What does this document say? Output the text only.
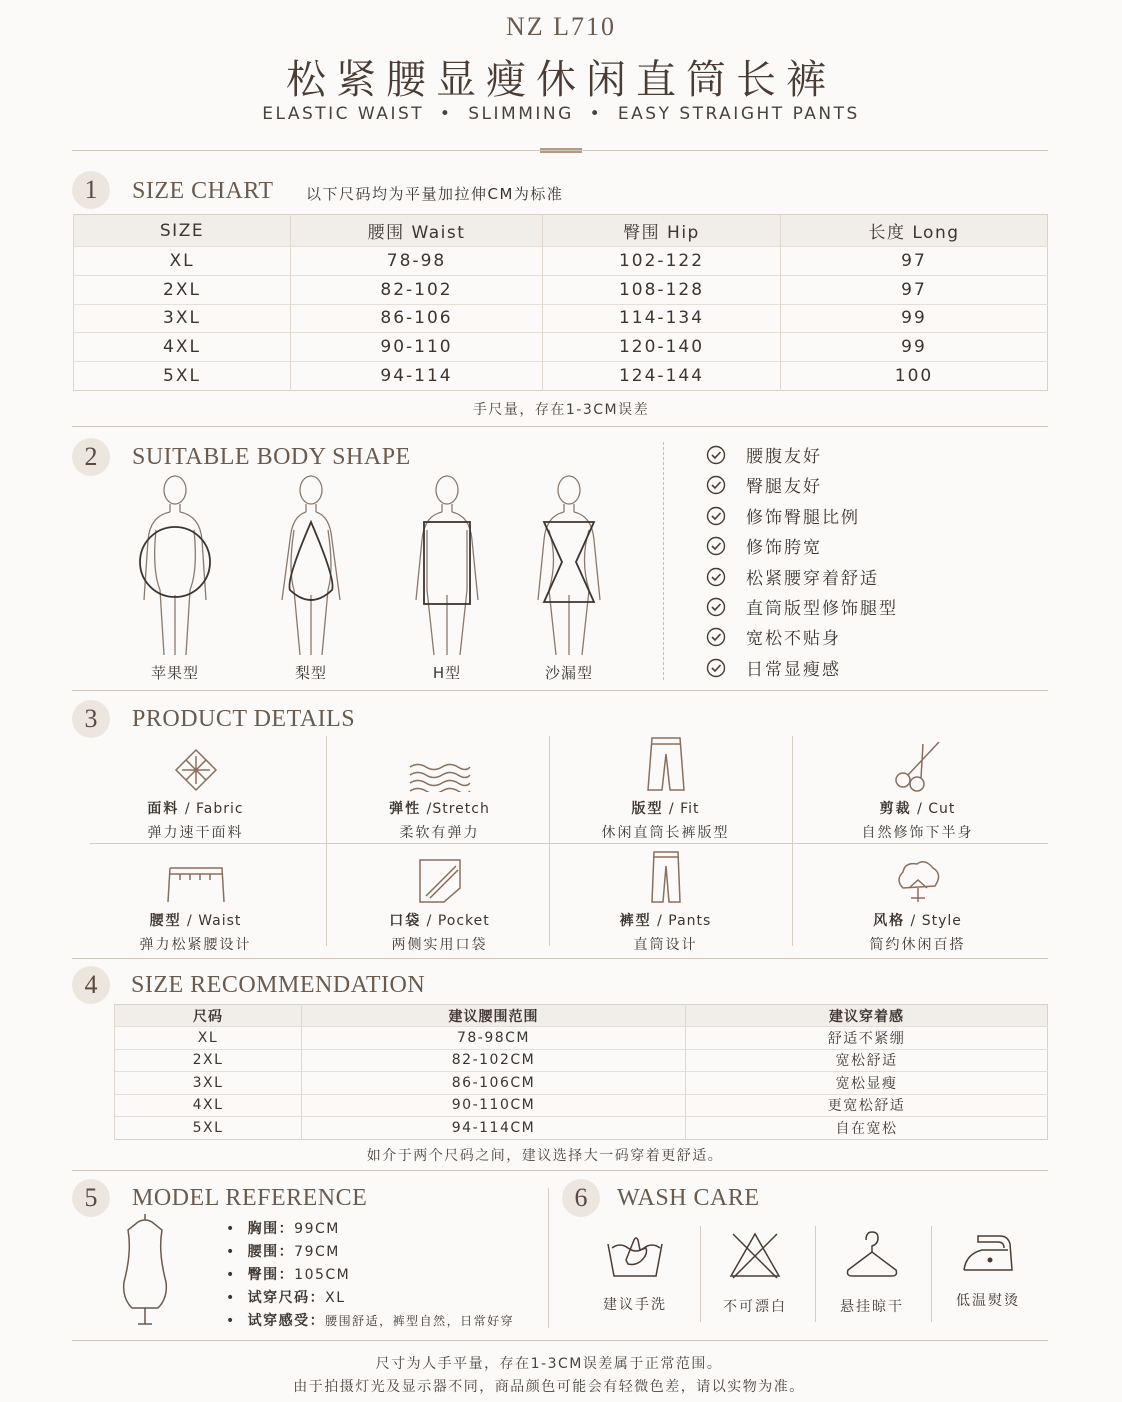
NZ L710
松紧腰显瘦休闲直筒长裤
ELASTIC WAIST  •  SLIMMING  •  EASY STRAIGHT PANTS
1	SIZE CHART 以下尺码均为平量加拉伸CM为标准
SIZE	腰围 Waist	臀围 Hip	长度 Long
XL	78-98	102-122	97
2XL	82-102	108-128	97
3XL	86-106	114-134	99
4XL	90-110	120-140	99
5XL	94-114	124-144	100
手尺量，存在1-3CM误差
2	SUITABLE BODY SHAPE
苹果型	梨型	H型	沙漏型
腰腹友好
臀腿友好
修饰臀腿比例
修饰胯宽
松紧腰穿着舒适
直筒版型修饰腿型
宽松不贴身
日常显瘦感
3	PRODUCT DETAILS
面料 / Fabric
弹力速干面料
弹性 /Stretch
柔软有弹力
版型 / Fit
休闲直筒长裤版型
剪裁 / Cut
自然修饰下半身
腰型 / Waist
弹力松紧腰设计
口袋 / Pocket
两侧实用口袋
裤型 / Pants
直筒设计
风格 / Style
简约休闲百搭
4	SIZE RECOMMENDATION
尺码	建议腰围范围	建议穿着感
XL	78-98CM	舒适不紧绷
2XL	82-102CM	宽松舒适
3XL	86-106CM	宽松显瘦
4XL	90-110CM	更宽松舒适
5XL	94-114CM	自在宽松
如介于两个尺码之间，建议选择大一码穿着更舒适。
5	MODEL REFERENCE
•  胸围：99CM
•  腰围：79CM
•  臀围：105CM
•  试穿尺码：XL
•  试穿感受：腰围舒适，裤型自然，日常好穿
6	WASH CARE
建议手洗	不可漂白	悬挂晾干	低温熨烫
尺寸为人手平量，存在1-3CM误差属于正常范围。
由于拍摄灯光及显示器不同，商品颜色可能会有轻微色差，请以实物为准。
